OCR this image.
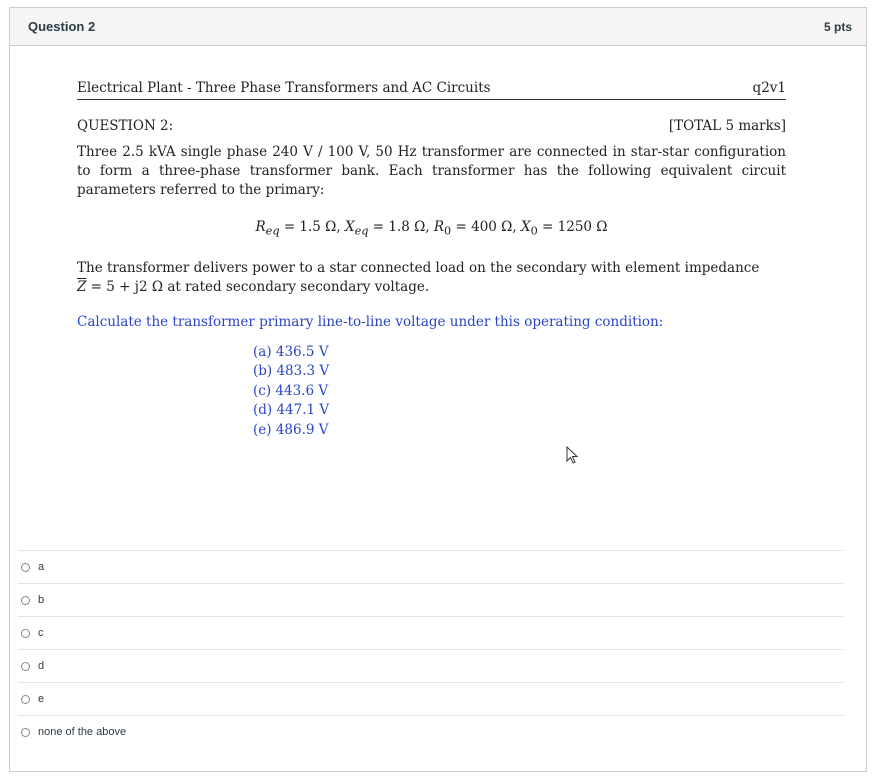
Question 2	5 pts
Electrical Plant - Three Phase Transformers and AC Circuits	q2v1
QUESTION 2:	[TOTAL 5 marks]
Three 2.5 kVA single phase 240 V / 100 V, 50 Hz transformer are connected in star-star configuration to form a three-phase transformer bank. Each transformer has the following equivalent circuit parameters referred to the primary:
$R_{eq} = 1.5$ Ω, $X_{eq} = 1.8$ Ω, $R_0 = 400$ Ω, $X_0 = 1250$ Ω
The transformer delivers power to a star connected load on the secondary with element impedance
$\overline{Z} = 5 + j2$ Ω at rated secondary secondary voltage.
Calculate the transformer primary line-to-line voltage under this operating condition:
(a) 436.5 V
(b) 483.3 V
(c) 443.6 V
(d) 447.1 V
(e) 486.9 V
a
b
c
d
e
none of the above
